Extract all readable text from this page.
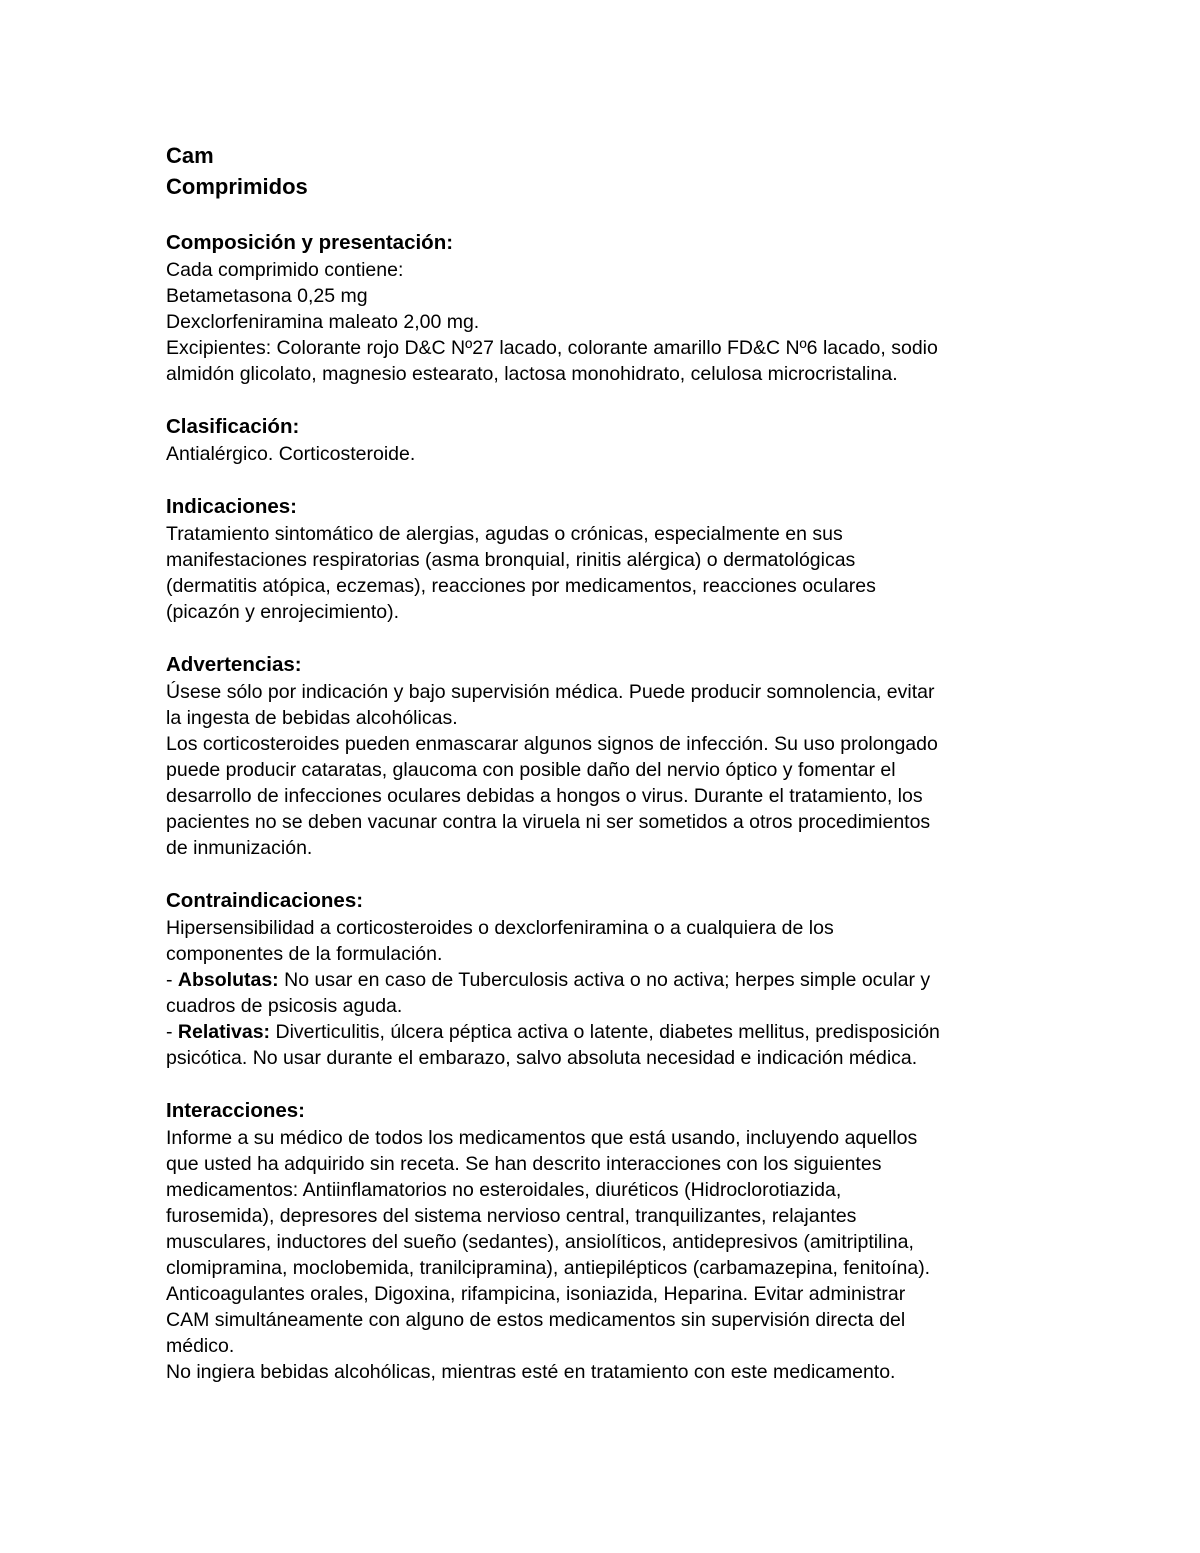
Cam

Comprimidos

Composición y presentación:

Cada comprimido contiene:

Betametasona 0,25 mg

Dexclorfeniramina maleato 2,00 mg.

Excipientes: Colorante rojo D&C Nº27 lacado, colorante amarillo FD&C Nº6 lacado, sodio

almidón glicolato, magnesio estearato, lactosa monohidrato, celulosa microcristalina.

Clasificación:

Antialérgico. Corticosteroide.

Indicaciones:

Tratamiento sintomático de alergias, agudas o crónicas, especialmente en sus

manifestaciones respiratorias (asma bronquial, rinitis alérgica) o dermatológicas

(dermatitis atópica, eczemas), reacciones por medicamentos, reacciones oculares

(picazón y enrojecimiento).

Advertencias:

Úsese sólo por indicación y bajo supervisión médica. Puede producir somnolencia, evitar

la ingesta de bebidas alcohólicas.

Los corticosteroides pueden enmascarar algunos signos de infección. Su uso prolongado

puede producir cataratas, glaucoma con posible daño del nervio óptico y fomentar el

desarrollo de infecciones oculares debidas a hongos o virus. Durante el tratamiento, los

pacientes no se deben vacunar contra la viruela ni ser sometidos a otros procedimientos

de inmunización.

Contraindicaciones:

Hipersensibilidad a corticosteroides o dexclorfeniramina o a cualquiera de los

componentes de la formulación.

- Absolutas: No usar en caso de Tuberculosis activa o no activa; herpes simple ocular y

cuadros de psicosis aguda.

- Relativas: Diverticulitis, úlcera péptica activa o latente, diabetes mellitus, predisposición

psicótica. No usar durante el embarazo, salvo absoluta necesidad e indicación médica.

Interacciones:

Informe a su médico de todos los medicamentos que está usando, incluyendo aquellos

que usted ha adquirido sin receta. Se han descrito interacciones con los siguientes

medicamentos: Antiinflamatorios no esteroidales, diuréticos (Hidroclorotiazida,

furosemida), depresores del sistema nervioso central, tranquilizantes, relajantes

musculares, inductores del sueño (sedantes), ansiolíticos, antidepresivos (amitriptilina,

clomipramina, moclobemida, tranilcipramina), antiepilépticos (carbamazepina, fenitoína).

Anticoagulantes orales, Digoxina, rifampicina, isoniazida, Heparina. Evitar administrar

CAM simultáneamente con alguno de estos medicamentos sin supervisión directa del

médico.

No ingiera bebidas alcohólicas, mientras esté en tratamiento con este medicamento.
